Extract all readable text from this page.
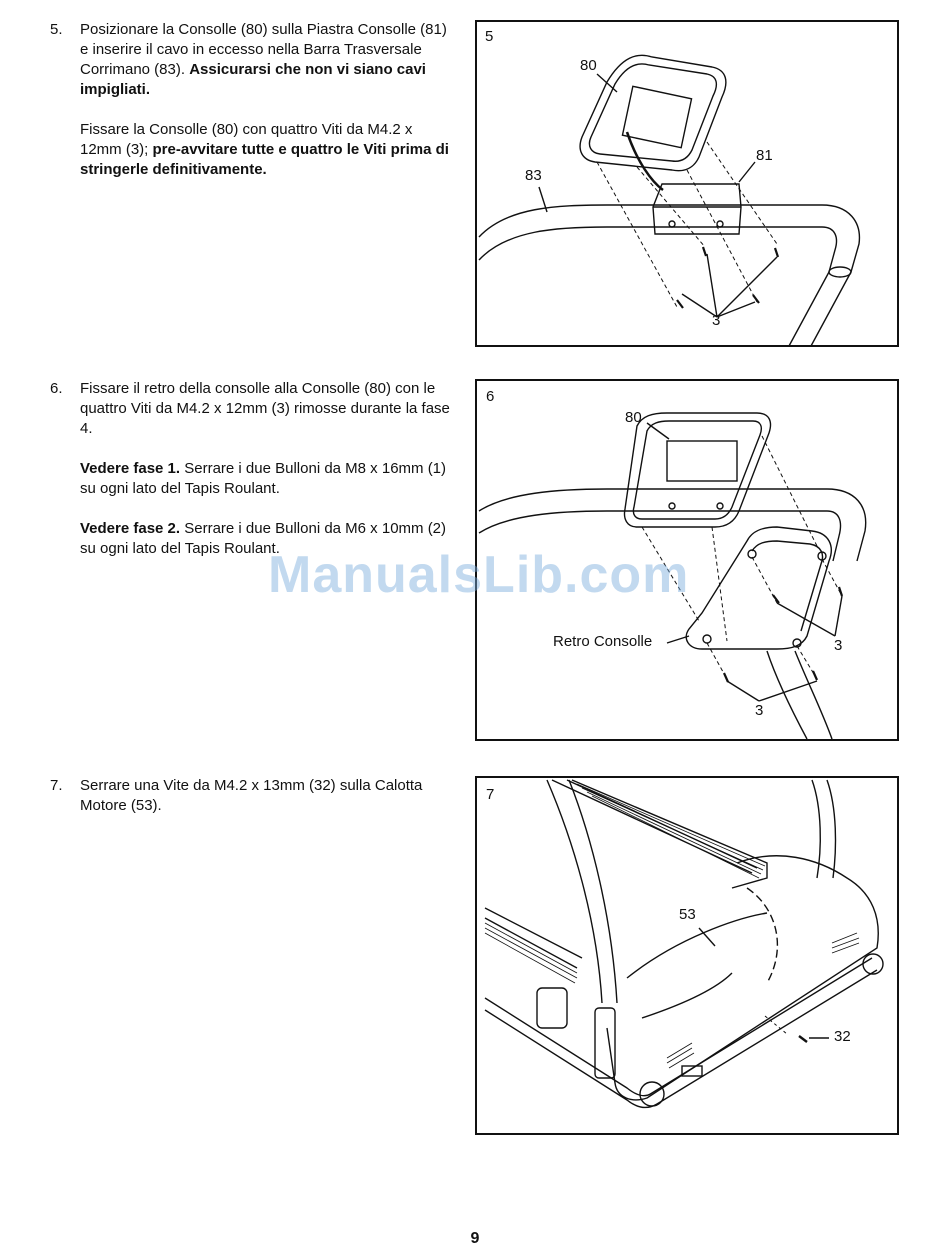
5. Posizionare la Consolle (80) sulla Piastra Consolle (81) e inserire il cavo in eccesso nella Barra Trasversale Corrimano (83). Assicurarsi che non vi siano cavi impigliati.

Fissare la Consolle (80) con quattro Viti da M4.2 x 12mm (3); pre-avvitare tutte e quattro le Viti prima di stringerle definitivamente.

6. Fissare il retro della consolle alla Consolle (80) con le quattro Viti da M4.2 x 12mm (3) rimosse durante la fase 4.

Vedere fase 1. Serrare i due Bulloni da M8 x 16mm (1) su ogni lato del Tapis Roulant.

Vedere fase 2. Serrare i due Bulloni da M6 x 10mm (2) su ogni lato del Tapis Roulant.

7. Serrare una Vite da M4.2 x 13mm (32) sulla Calotta Motore (53).

5
80
81
83
3
6
80
Retro Consolle	3
3
7
53
32
ManualsLib.com
9
